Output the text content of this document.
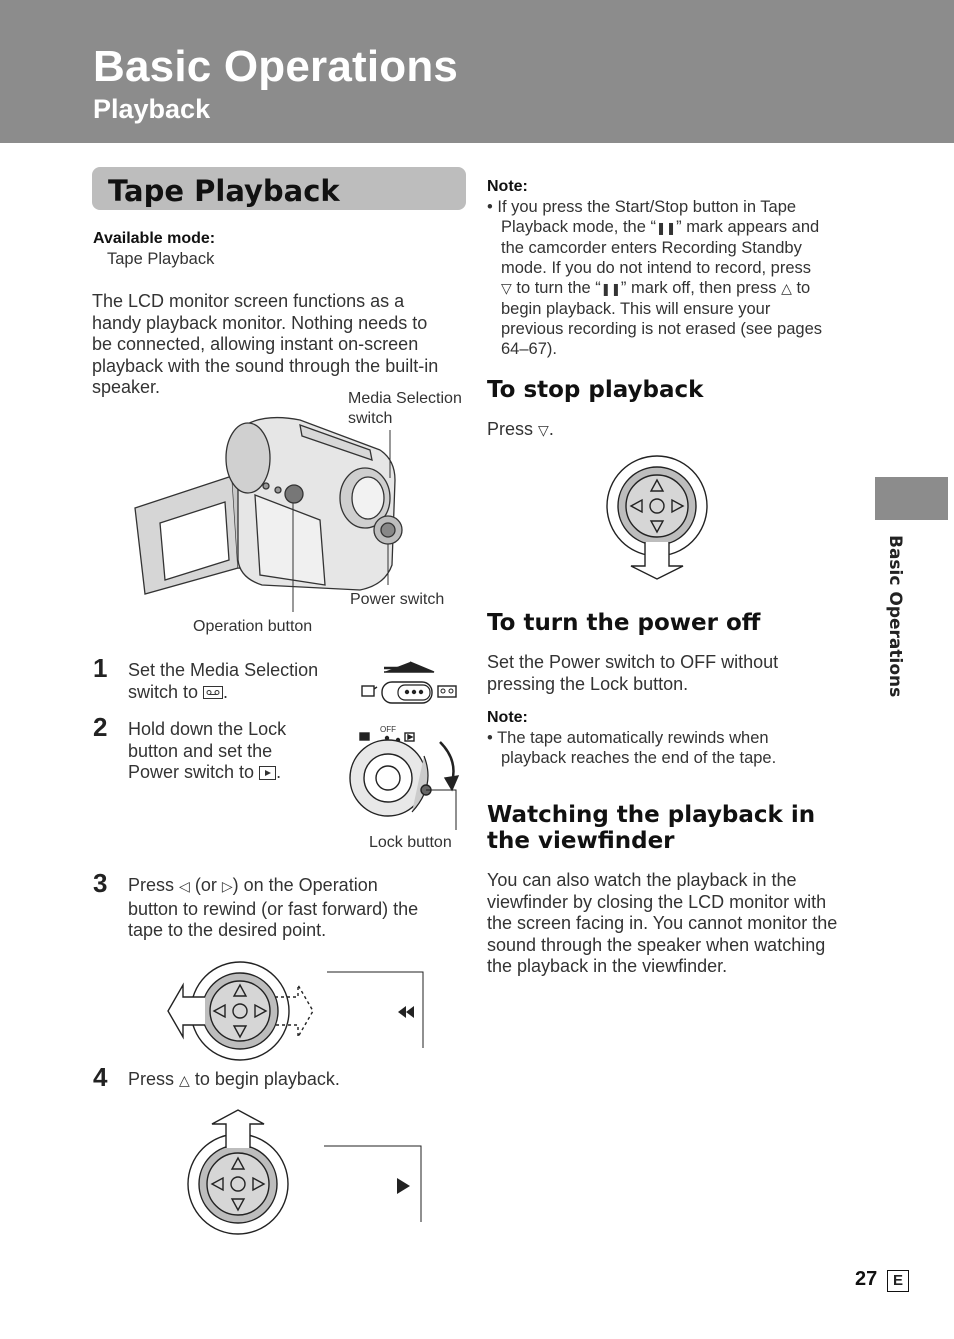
Basic Operations
Playback
Tape Playback
Available mode:
Tape Playback
The LCD monitor screen functions as a
handy playback monitor. Nothing needs to
be connected, allowing instant on-screen
playback with the sound through the built-in
speaker.
Media Selection
switch
Power switch
Operation button
1 Set the Media Selection
switch to .
2 Hold down the Lock
button and set the
Power switch to .
OFF
Lock button
3 Press ◁ (or ▷) on the Operation
button to rewind (or fast forward) the
tape to the desired point.
4 Press △ to begin playback.
Note:
• If you press the Start/Stop button in Tape
Playback mode, the “❚❚” mark appears and
the camcorder enters Recording Standby
mode. If you do not intend to record, press
▽ to turn the “❚❚” mark off, then press △ to
begin playback. This will ensure your
previous recording is not erased (see pages
64–67).
To stop playback
Press ▽.
To turn the power off
Set the Power switch to OFF without
pressing the Lock button.
Note:
• The tape automatically rewinds when
playback reaches the end of the tape.
Watching the playback in
the viewfinder
You can also watch the playback in the
viewfinder by closing the LCD monitor with
the screen facing in. You cannot monitor the
sound through the speaker when watching
the playback in the viewfinder.
Basic Operations
27	E
